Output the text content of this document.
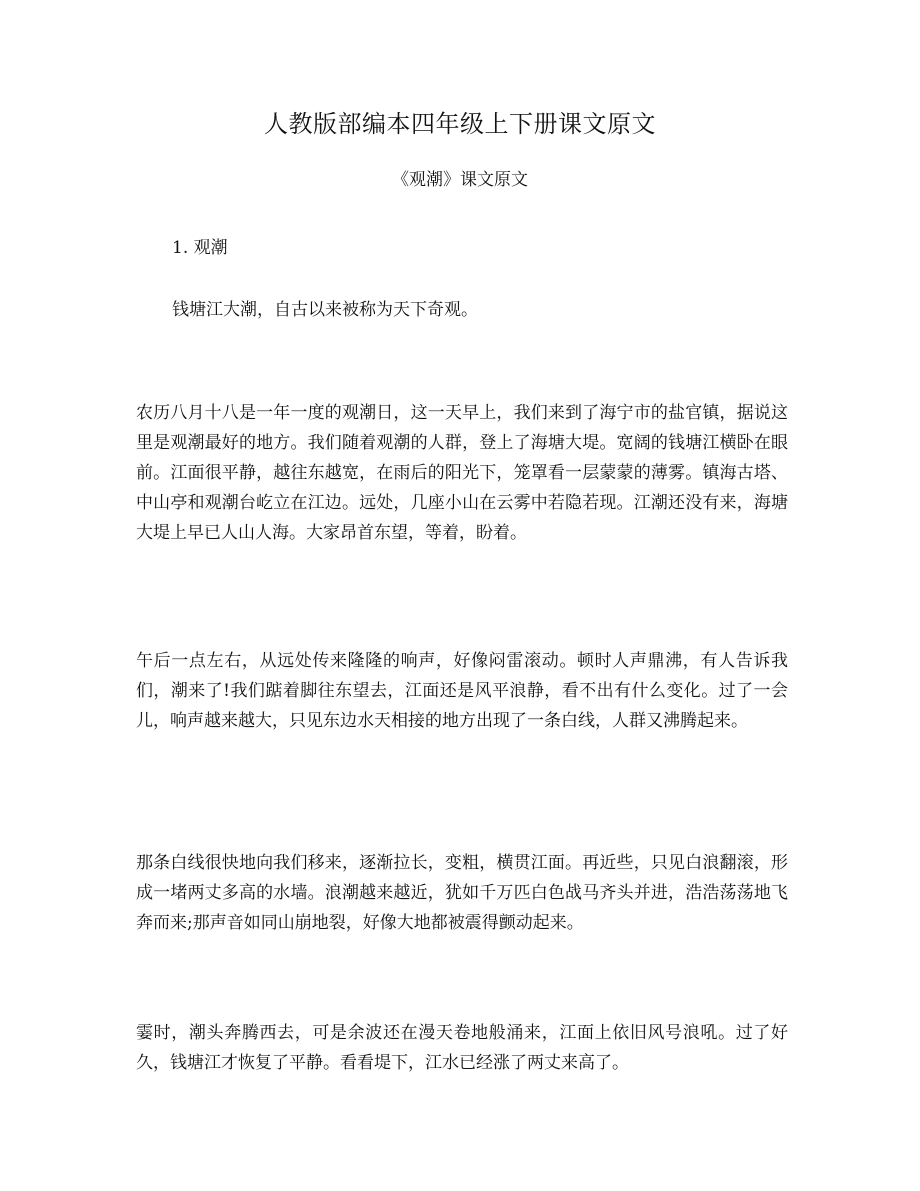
人教版部编本四年级上下册课文原文
《观潮》课文原文
1. 观潮
钱塘江大潮，自古以来被称为天下奇观。

农历八月十八是一年一度的观潮日，这一天早上，我们来到了海宁市的盐官镇，据说这里是观潮最好的地方。我们随着观潮的人群，登上了海塘大堤。宽阔的钱塘江横卧在眼前。江面很平静，越往东越宽，在雨后的阳光下，笼罩看一层蒙蒙的薄雾。镇海古塔、中山亭和观潮台屹立在江边。远处，几座小山在云雾中若隐若现。江潮还没有来，海塘大堤上早已人山人海。大家昂首东望，等着，盼着。

午后一点左右，从远处传来隆隆的响声，好像闷雷滚动。顿时人声鼎沸，有人告诉我们，潮来了!我们踮着脚往东望去，江面还是风平浪静，看不出有什么变化。过了一会儿，响声越来越大，只见东边水天相接的地方出现了一条白线，人群又沸腾起来。

那条白线很快地向我们移来，逐渐拉长，变粗，横贯江面。再近些，只见白浪翻滚，形成一堵两丈多高的水墙。浪潮越来越近，犹如千万匹白色战马齐头并进，浩浩荡荡地飞奔而来;那声音如同山崩地裂，好像大地都被震得颤动起来。

霎时，潮头奔腾西去，可是余波还在漫天卷地般涌来，江面上依旧风号浪吼。过了好久，钱塘江才恢复了平静。看看堤下，江水已经涨了两丈来高了。
